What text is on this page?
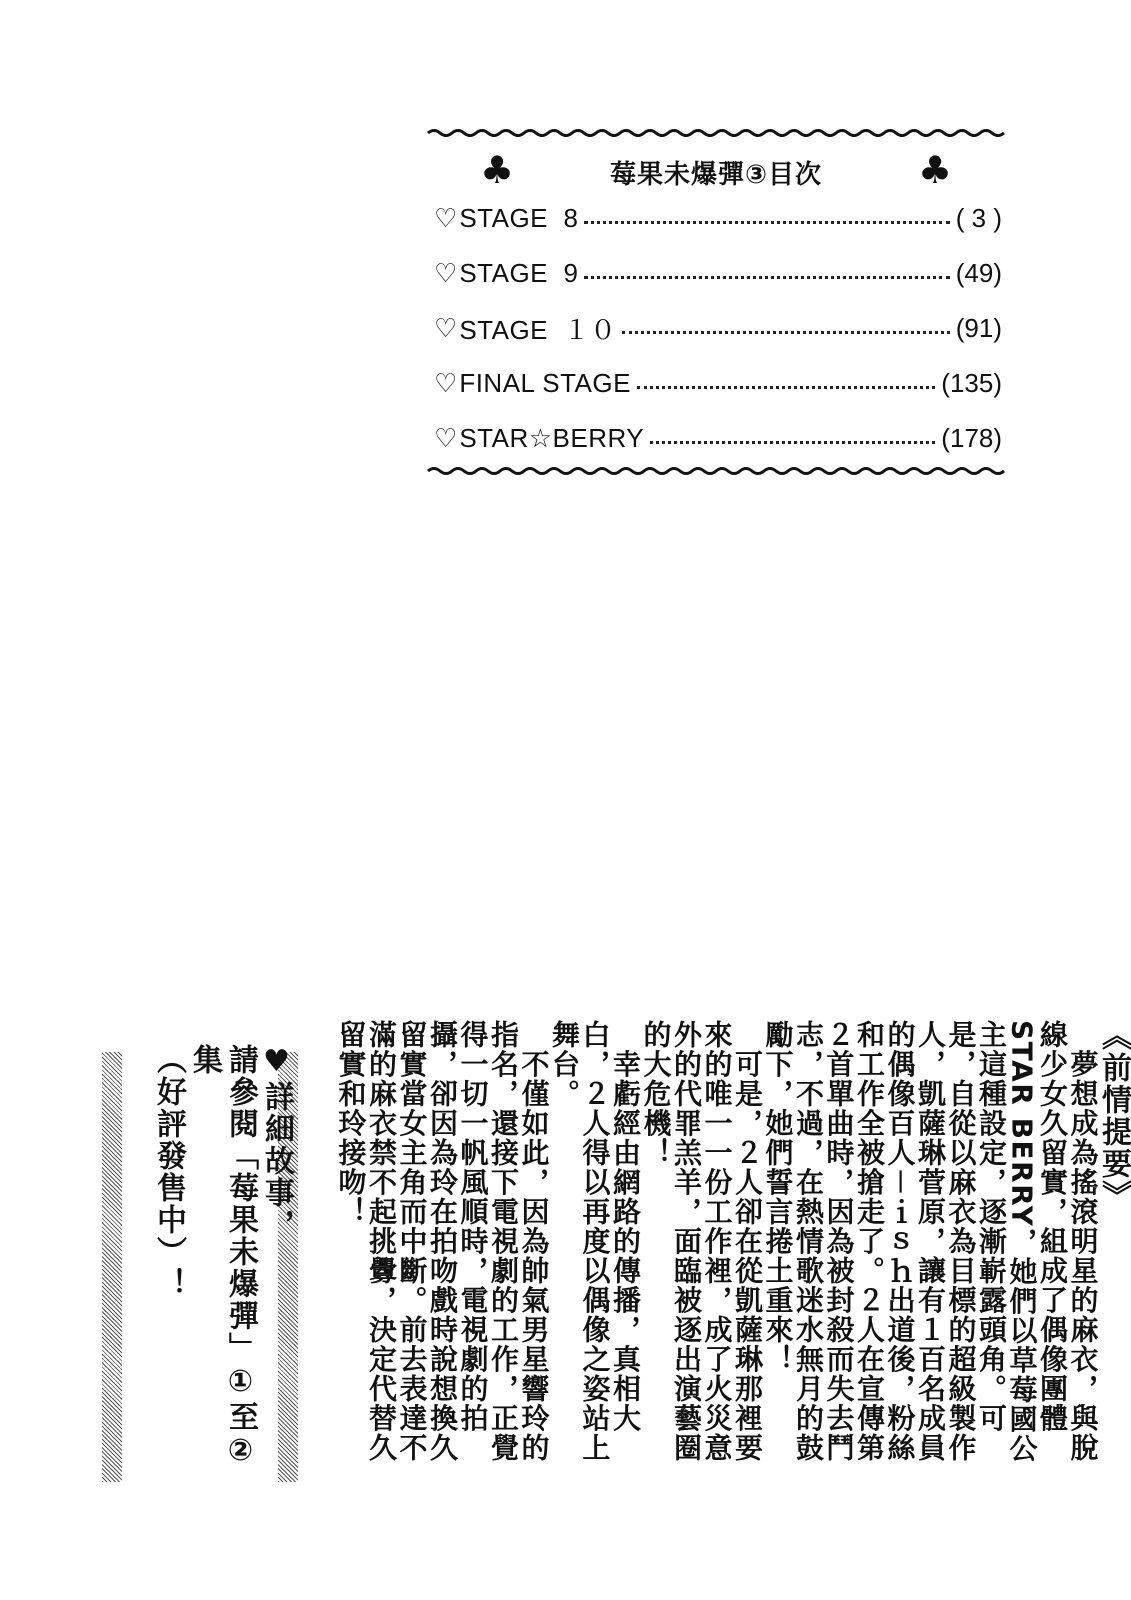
♣	莓果未爆彈③目次	♣
♡ STAGE  8	( 3 )
♡ STAGE  9	(49)
♡ STAGE  １０	(91)
♡ FINAL STAGE	(135)
♡ STAR☆BERRY	(178)

《前情提要》

　夢想成為搖滾明星的麻衣，與脫線少女久留實，組成了偶像團體STAR BERRY，她們以草莓國公主這種設定，逐漸嶄露頭角。可是，自從以麻衣為目標的超級製作人，凱薩琳菅原，讓有１百名成員的偶像百人－ｉｓｈ出道後，粉絲和工作全被搶走了。２人在宣傳第２首單曲時，因為被封殺而失去鬥志，不過，在熱情歌迷水無月的鼓勵下，她們誓言捲土重來！

　可是，２人卻在從凱薩琳那裡要來的唯一一份工作裡，成了火災意外的代罪羔羊，面臨被逐出演藝圈的大危機！

　幸虧經由網路的傳播，真相大白，２人得以再度以偶像之姿站上舞台。

　不僅如此，因為帥氣男星響玲的指名，還接下電視劇的工作，正覺得一切一帆風順時，電視劇的拍攝，卻因為玲在拍吻戲時說想換久留實當女主角而中斷。前去表達不滿的麻衣禁不起挑釁，決定代替久留實和玲接吻！

♥詳細故事，

請參閱「莓果未爆彈」①至②集

（好評發售中）！
